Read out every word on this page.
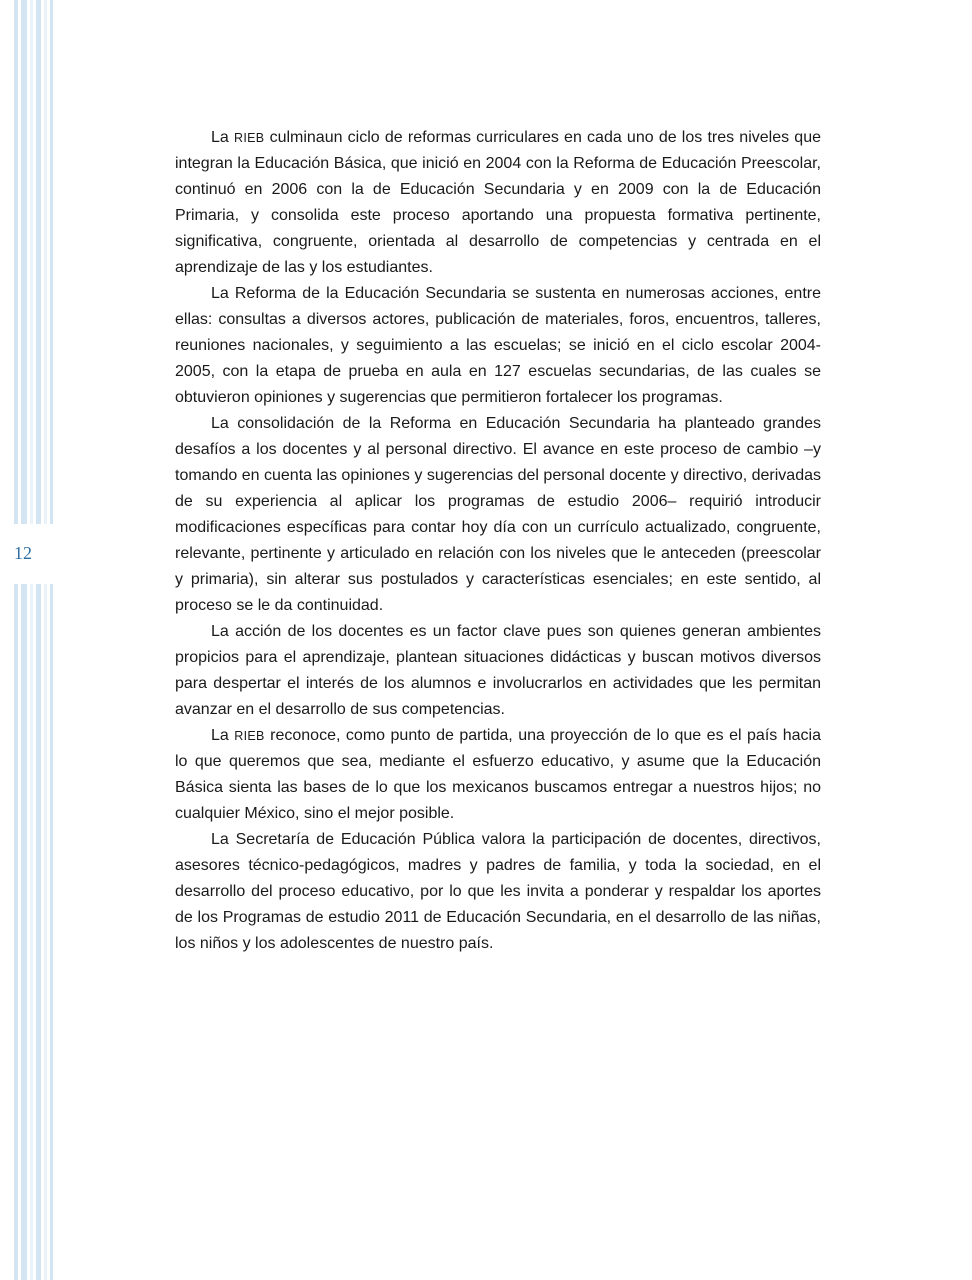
12

La RIEB culminaun ciclo de reformas curriculares en cada uno de los tres niveles que integran la Educación Básica, que inició en 2004 con la Reforma de Educación Preescolar, continuó en 2006 con la de Educación Secundaria y en 2009 con la de Educación Primaria, y consolida este proceso aportando una propuesta formativa pertinente, significativa, congruente, orientada al desarrollo de competencias y centrada en el aprendizaje de las y los estudiantes.

La Reforma de la Educación Secundaria se sustenta en numerosas acciones, entre ellas: consultas a diversos actores, publicación de materiales, foros, encuentros, talleres, reuniones nacionales, y seguimiento a las escuelas; se inició en el ciclo escolar 2004-2005, con la etapa de prueba en aula en 127 escuelas secundarias, de las cuales se obtuvieron opiniones y sugerencias que permitieron fortalecer los programas.

La consolidación de la Reforma en Educación Secundaria ha planteado grandes desafíos a los docentes y al personal directivo. El avance en este proceso de cambio –y tomando en cuenta las opiniones y sugerencias del personal docente y directivo, derivadas de su experiencia al aplicar los programas de estudio 2006– requirió introducir modificaciones específicas para contar hoy día con un currículo actualizado, congruente, relevante, pertinente y articulado en relación con los niveles que le anteceden (preescolar y primaria), sin alterar sus postulados y características esenciales; en este sentido, al proceso se le da continuidad.

La acción de los docentes es un factor clave pues son quienes generan ambientes propicios para el aprendizaje, plantean situaciones didácticas y buscan motivos diversos para despertar el interés de los alumnos e involucrarlos en actividades que les permitan avanzar en el desarrollo de sus competencias.

La RIEB reconoce, como punto de partida, una proyección de lo que es el país hacia lo que queremos que sea, mediante el esfuerzo educativo, y asume que la Educación Básica sienta las bases de lo que los mexicanos buscamos entregar a nuestros hijos; no cualquier México, sino el mejor posible.

La Secretaría de Educación Pública valora la participación de docentes, directivos, asesores técnico-pedagógicos, madres y padres de familia, y toda la sociedad, en el desarrollo del proceso educativo, por lo que les invita a ponderar y respaldar los aportes de los Programas de estudio 2011 de Educación Secundaria, en el desarrollo de las niñas, los niños y los adolescentes de nuestro país.
